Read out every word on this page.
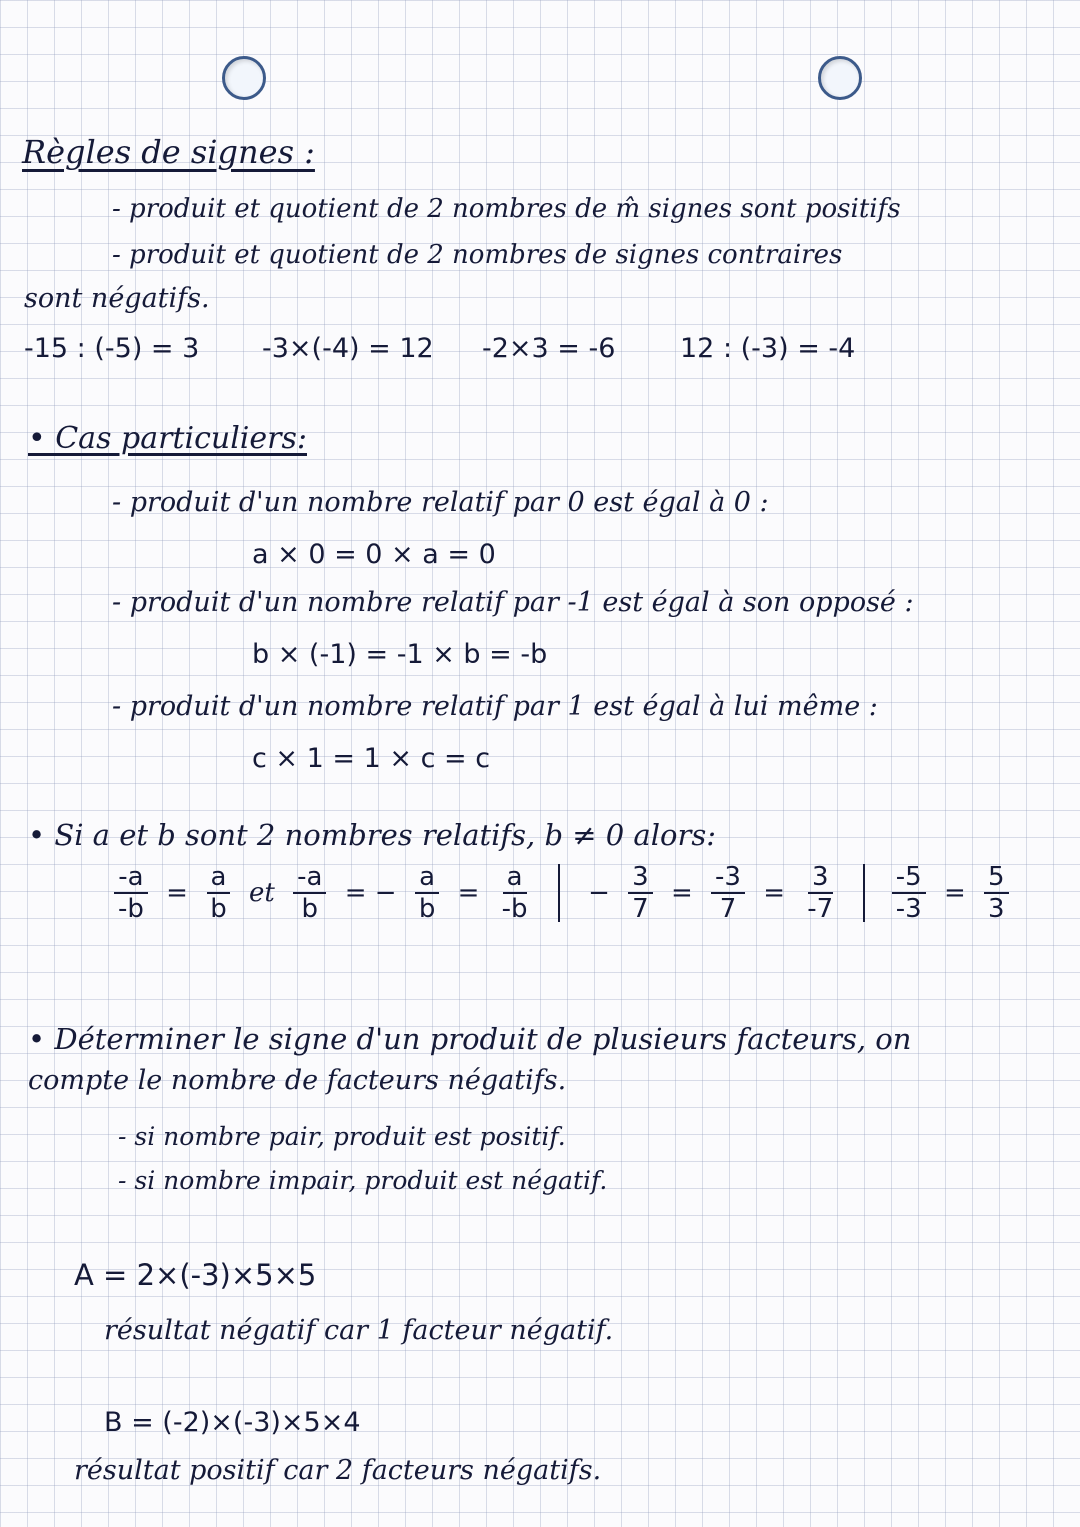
Règles de signes :
- produit et quotient de 2 nombres de m̂ signes sont positifs
- produit et quotient de 2 nombres de signes contraires
sont négatifs.
-15 : (-5) = 3 -3×(-4) = 12 -2×3 = -6 12 : (-3) = -4
• Cas particuliers:
- produit d'un nombre relatif par 0 est égal à 0 :
a × 0 = 0 × a = 0
- produit d'un nombre relatif par -1 est égal à son opposé :
b × (-1) = -1 × b = -b
- produit d'un nombre relatif par 1 est égal à lui même :
c × 1 = 1 × c = c
• Si a et b sont 2 nombres relatifs, b ≠ 0 alors:
$\frac{-a}{-b} = \frac{a}{b}$ et $\frac{-a}{b}$ = − $\frac{a}{b} = \frac{a}{-b} - \frac{3}{7} = \frac{-3}{7} = \frac{3}{-7}$
$\frac{-5}{-3} = \frac{5}{3}$
• Déterminer le signe d'un produit de plusieurs facteurs, on
compte le nombre de facteurs négatifs.
- si nombre pair, produit est positif.
- si nombre impair, produit est négatif.
A = 2×(-3)×5×5
résultat négatif car 1 facteur négatif.
B = (-2)×(-3)×5×4
résultat positif car 2 facteurs négatifs.
